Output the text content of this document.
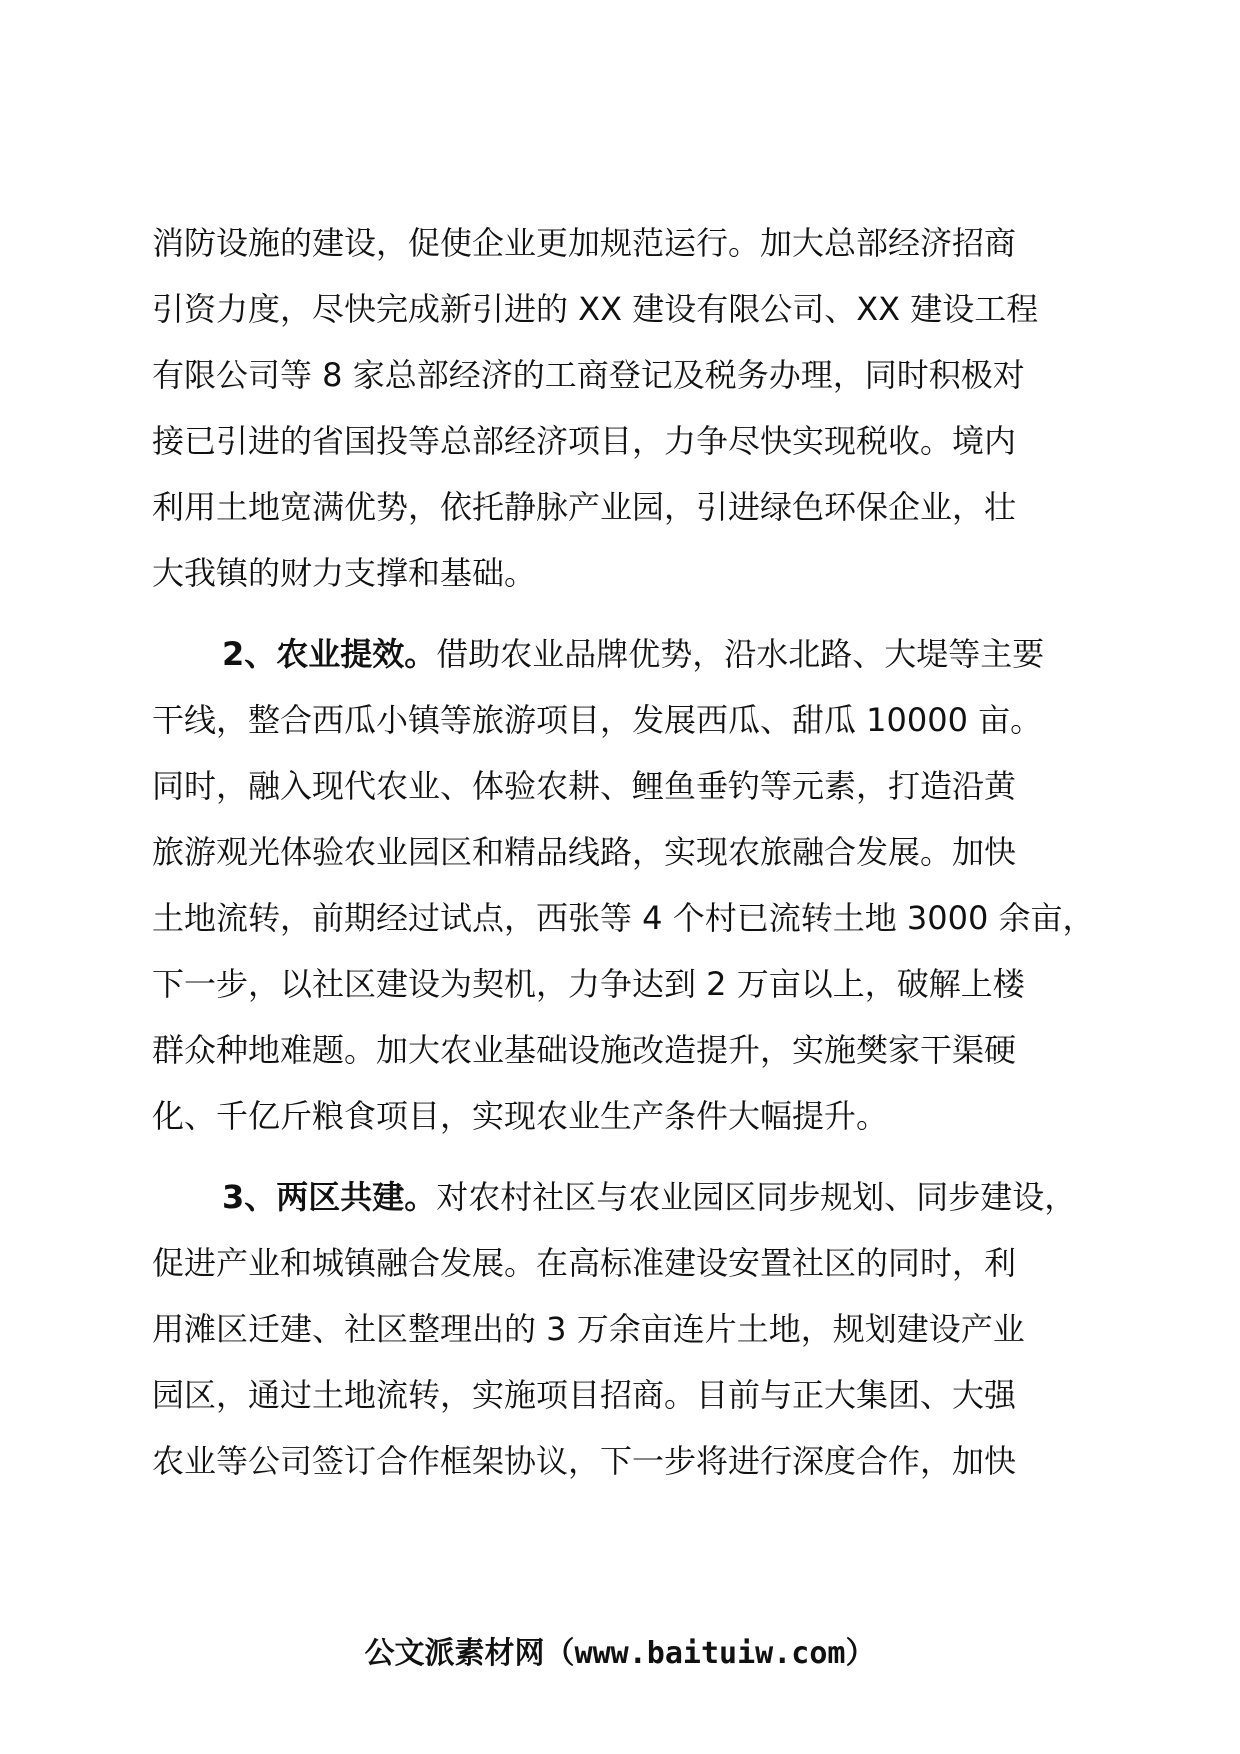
消防设施的建设，促使企业更加规范运行。加大总部经济招商
引资力度，尽快完成新引进的 XX 建设有限公司、XX 建设工程
有限公司等 8 家总部经济的工商登记及税务办理，同时积极对
接已引进的省国投等总部经济项目，力争尽快实现税收。境内
利用土地宽满优势，依托静脉产业园，引进绿色环保企业，壮
大我镇的财力支撑和基础。
2、农业提效。借助农业品牌优势，沿水北路、大堤等主要
干线，整合西瓜小镇等旅游项目，发展西瓜、甜瓜 10000 亩。
同时，融入现代农业、体验农耕、鲤鱼垂钓等元素，打造沿黄
旅游观光体验农业园区和精品线路，实现农旅融合发展。加快
土地流转，前期经过试点，西张等 4 个村已流转土地 3000 余亩，
下一步，以社区建设为契机，力争达到 2 万亩以上，破解上楼
群众种地难题。加大农业基础设施改造提升，实施樊家干渠硬
化、千亿斤粮食项目，实现农业生产条件大幅提升。
3、两区共建。对农村社区与农业园区同步规划、同步建设，
促进产业和城镇融合发展。在高标准建设安置社区的同时，利
用滩区迁建、社区整理出的 3 万余亩连片土地，规划建设产业
园区，通过土地流转，实施项目招商。目前与正大集团、大强
农业等公司签订合作框架协议，下一步将进行深度合作，加快
公文派素材网（www.baituiw.com）
